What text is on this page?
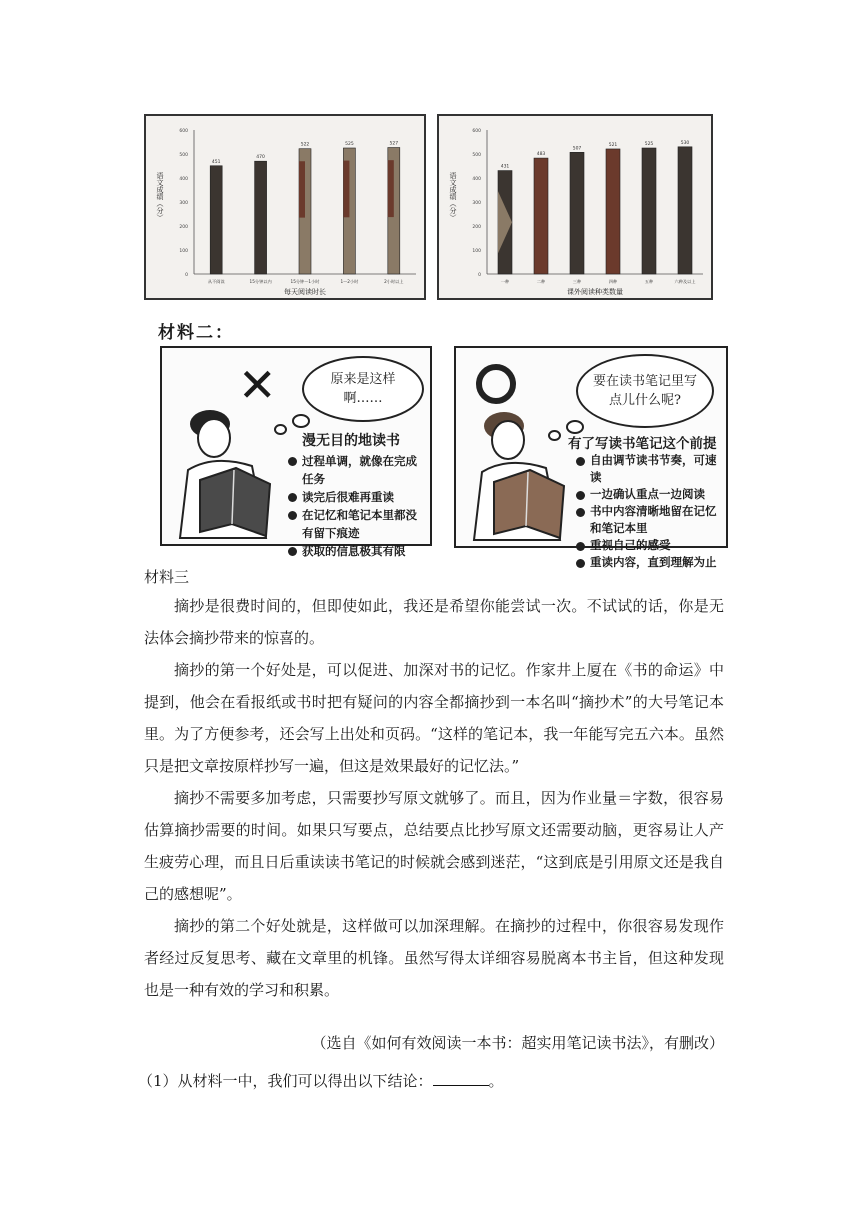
0
100
200
300
400
500
600
语文成绩（分）
每天阅读时长
451
从不阅读
470
15分钟以内
522
15分钟～1小时
525
1～2小时
527
2小时以上
0
100
200
300
400
500
600
语文成绩（分）
课外阅读种类数量
431
一种
483
二种
507
三种
521
四种
525
五种
530
六种及以上
材料二：
✕	原来是这样啊……
漫无目的地读书
过程单调，就像在完成任务
读完后很难再重读
在记忆和笔记本里都没有留下痕迹
获取的信息极其有限
要在读书笔记里写点儿什么呢?
有了写读书笔记这个前提
自由调节读书节奏，可速读
一边确认重点一边阅读
书中内容清晰地留在记忆和笔记本里
重视自己的感受
重读内容，直到理解为止
材料三

摘抄是很费时间的，但即使如此，我还是希望你能尝试一次。不试试的话，你是无法体会摘抄带来的惊喜的。

摘抄的第一个好处是，可以促进、加深对书的记忆。作家井上厦在《书的命运》中提到，他会在看报纸或书时把有疑问的内容全都摘抄到一本名叫“摘抄术”的大号笔记本里。为了方便参考，还会写上出处和页码。“这样的笔记本，我一年能写完五六本。虽然只是把文章按原样抄写一遍，但这是效果最好的记忆法。”

摘抄不需要多加考虑，只需要抄写原文就够了。而且，因为作业量＝字数，很容易估算摘抄需要的时间。如果只写要点，总结要点比抄写原文还需要动脑，更容易让人产生疲劳心理，而且日后重读读书笔记的时候就会感到迷茫，“这到底是引用原文还是我自己的感想呢”。

摘抄的第二个好处就是，这样做可以加深理解。在摘抄的过程中，你很容易发现作者经过反复思考、藏在文章里的机锋。虽然写得太详细容易脱离本书主旨，但这种发现也是一种有效的学习和积累。

（选自《如何有效阅读一本书：超实用笔记读书法》，有删改）
（1）从材料一中，我们可以得出以下结论：	。
